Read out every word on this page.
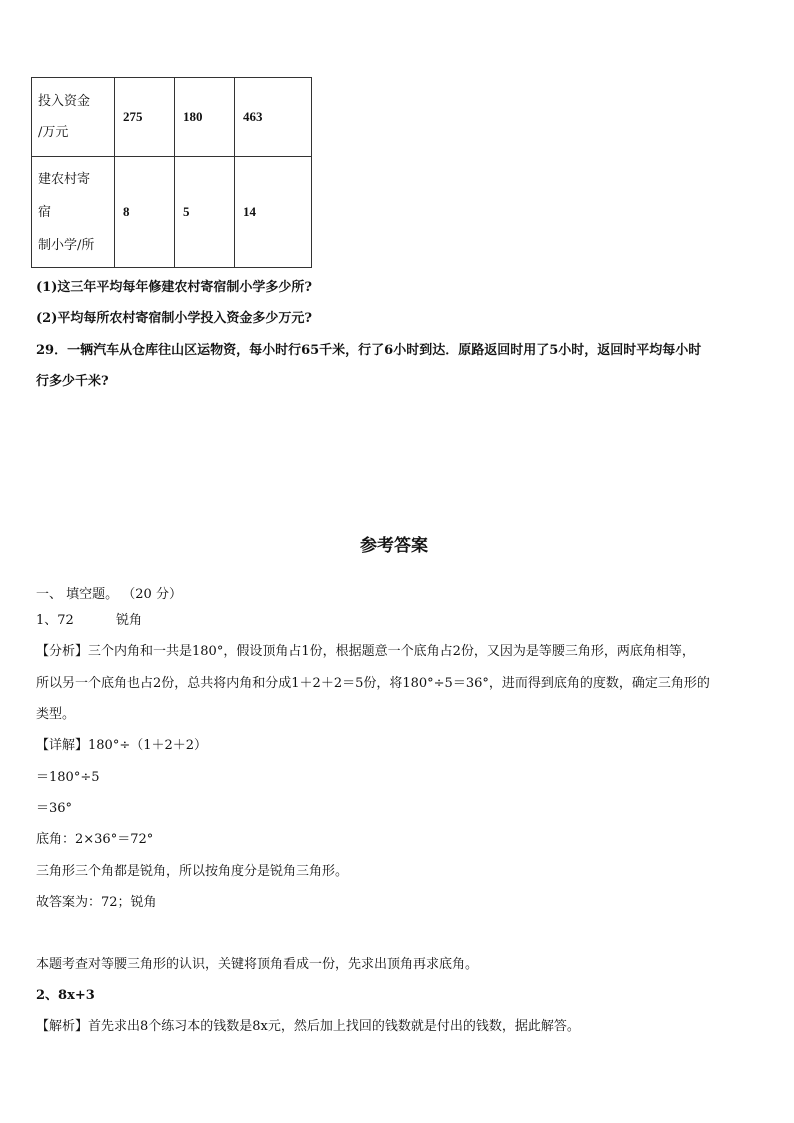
投入资金
/万元	275	180	463

建农村寄
宿
制小学/所	8	5	14
(1)这三年平均每年修建农村寄宿制小学多少所?
(2)平均每所农村寄宿制小学投入资金多少万元?
29．一辆汽车从仓库往山区运物资，每小时行65千米，行了6小时到达．原路返回时用了5小时，返回时平均每小时
行多少千米?
参考答案
一、 填空题。 （20 分）
1、72	锐角
【分析】三个内角和一共是180°，假设顶角占1份，根据题意一个底角占2份，又因为是等腰三角形，两底角相等，
所以另一个底角也占2份，总共将内角和分成1＋2＋2＝5份，将180°÷5＝36°，进而得到底角的度数，确定三角形的
类型。
【详解】180°÷（1＋2＋2）
＝180°÷5
＝36°
底角：2×36°＝72°
三角形三个角都是锐角，所以按角度分是锐角三角形。
故答案为：72；锐角
本题考查对等腰三角形的认识，关键将顶角看成一份，先求出顶角再求底角。
2、8x+3
【解析】首先求出8个练习本的钱数是8x元，然后加上找回的钱数就是付出的钱数，据此解答。
